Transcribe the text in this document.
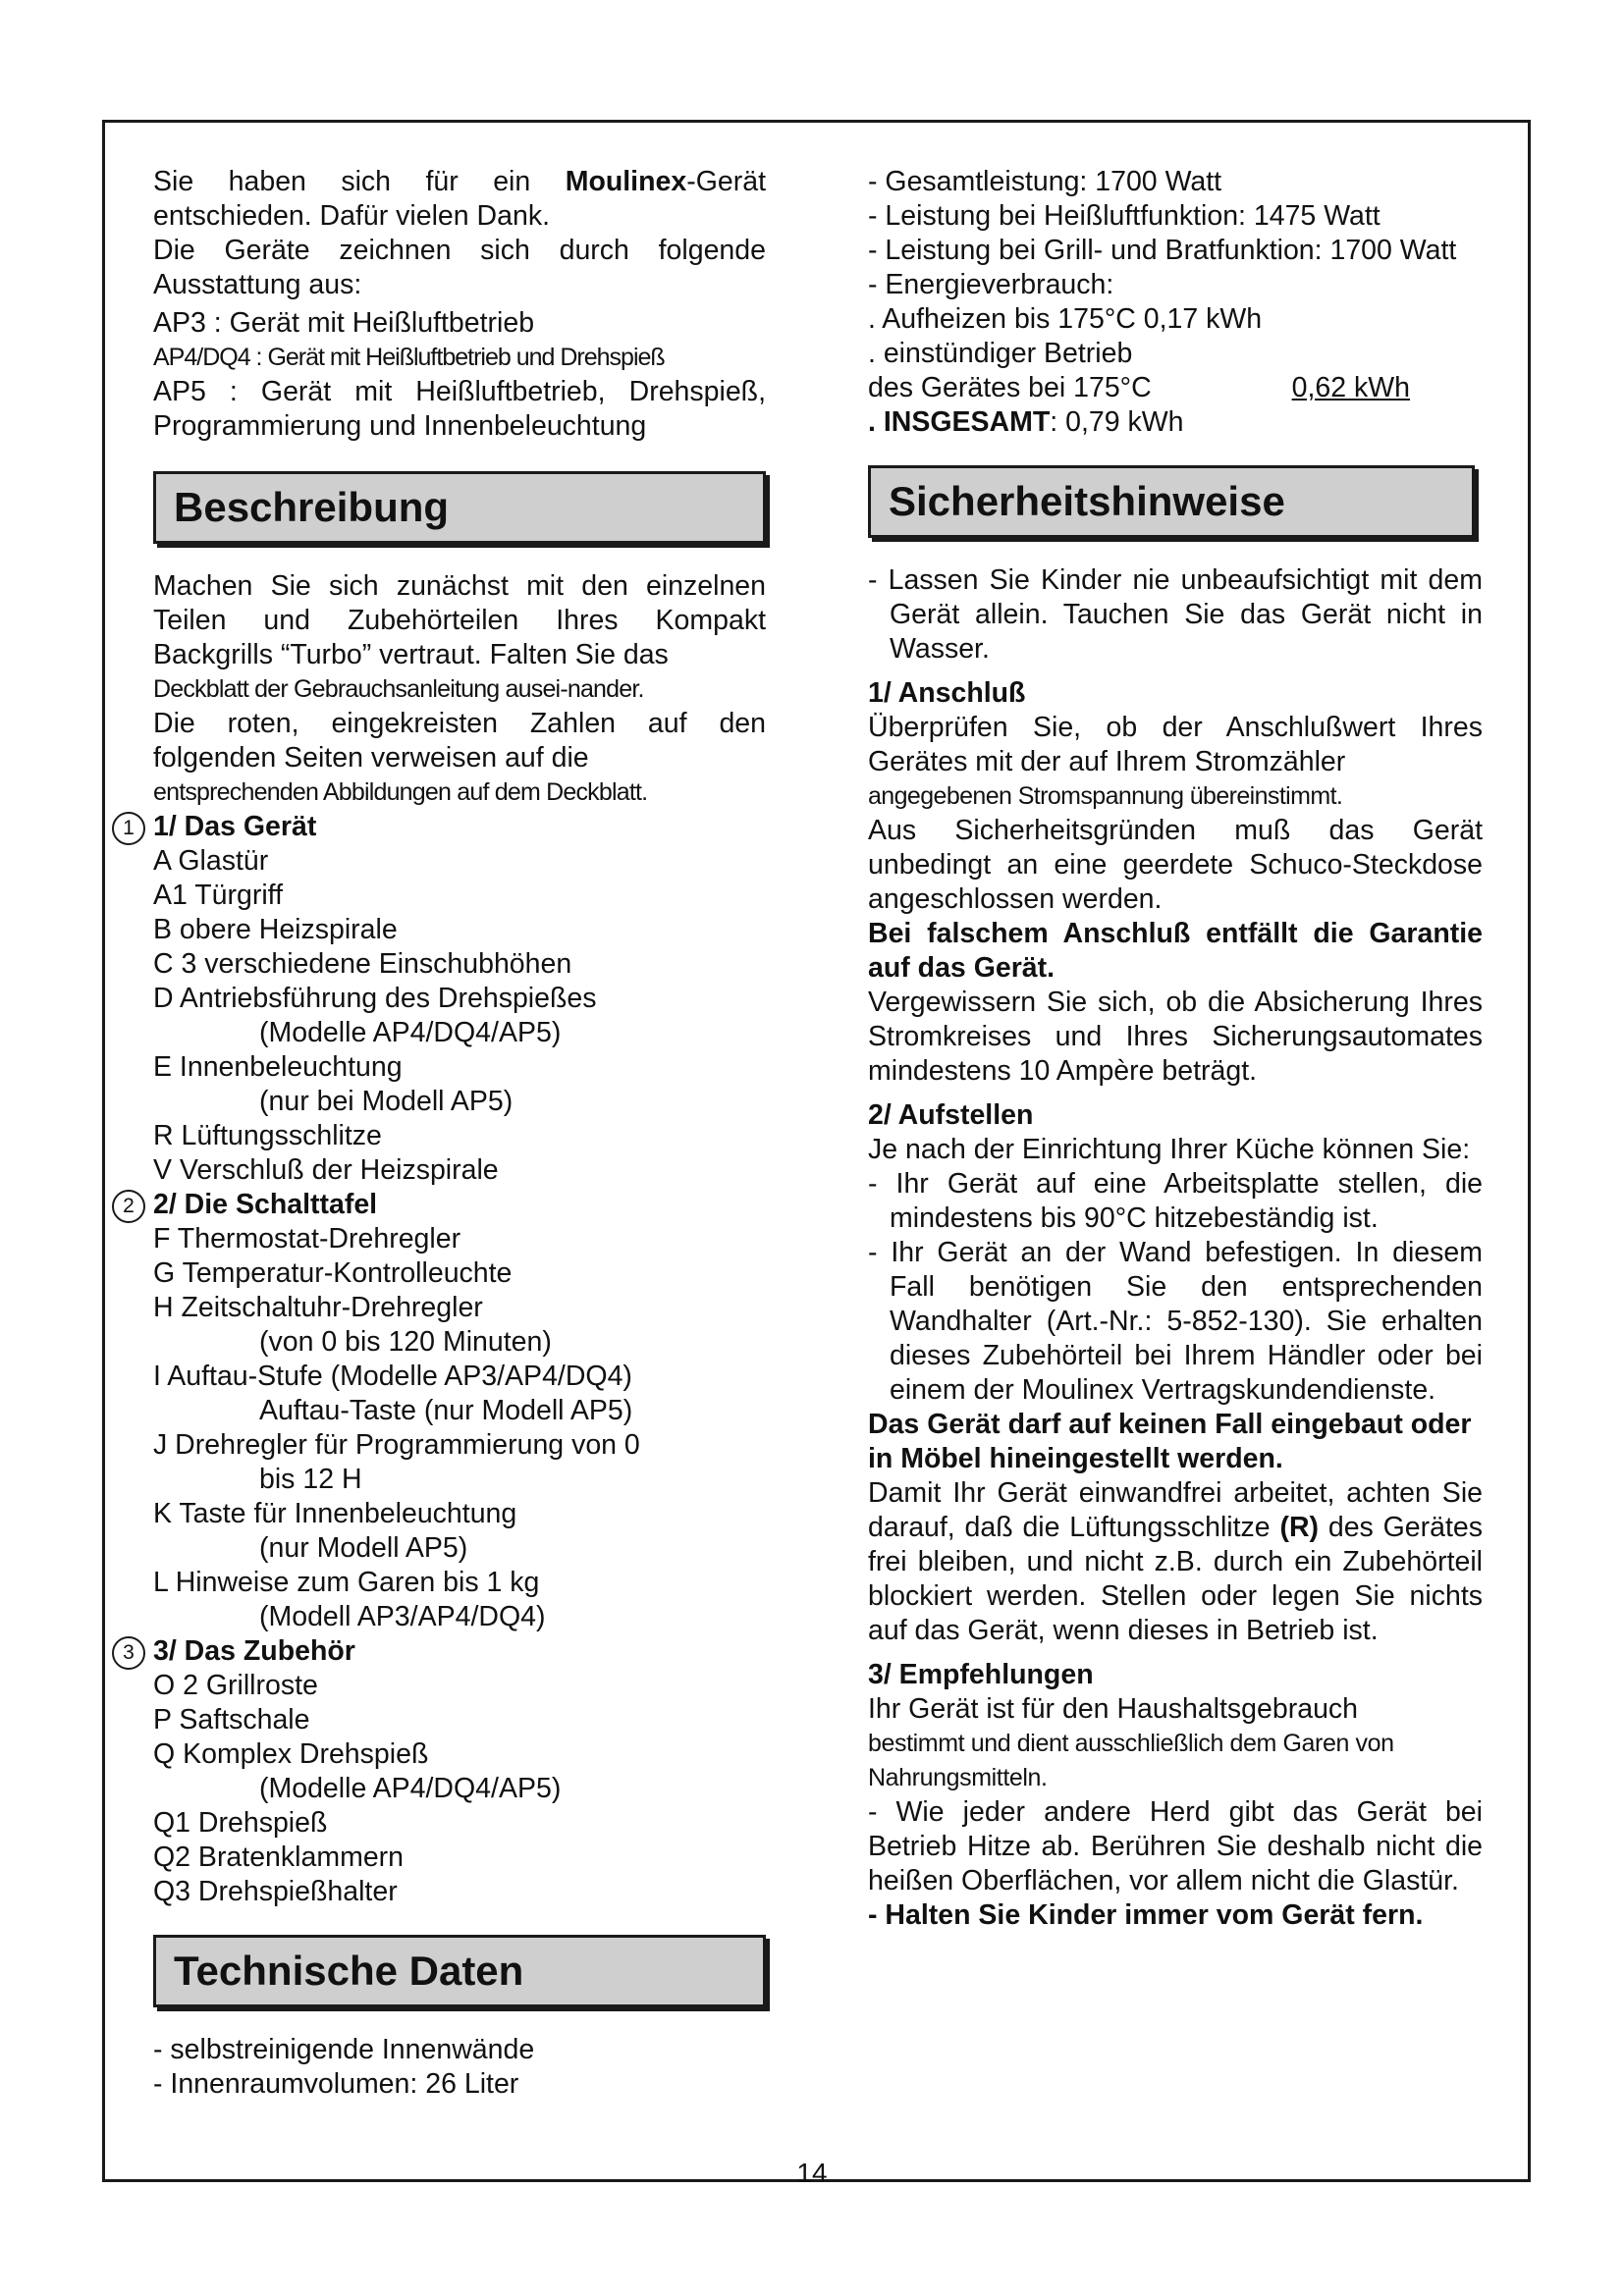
Sie haben sich für ein Moulinex-Gerät entschieden. Dafür vielen Dank.

Die Geräte zeichnen sich durch folgende Ausstattung aus:

AP3 : Gerät mit Heißluftbetrieb

AP4/DQ4 : Gerät mit Heißluftbetrieb und Drehspieß

AP5 : Gerät mit Heißluftbetrieb, Drehspieß, Programmierung und Innenbeleuchtung

Beschreibung

Machen Sie sich zunächst mit den einzelnen Teilen und Zubehörteilen Ihres Kompakt Backgrills “Turbo” vertraut. Falten Sie das

Deckblatt der Gebrauchsanleitung ausei-nander.

Die roten, eingekreisten Zahlen auf den folgenden Seiten verweisen auf die

entsprechenden Abbildungen auf dem Deckblatt.

1 1/ Das Gerät

A Glastür

A1 Türgriff

B obere Heizspirale

C 3 verschiedene Einschubhöhen

D Antriebsführung des Drehspießes

(Modelle AP4/DQ4/AP5)

E Innenbeleuchtung

(nur bei Modell AP5)

R Lüftungsschlitze

V Verschluß der Heizspirale

2 2/ Die Schalttafel

F Thermostat-Drehregler

G Temperatur-Kontrolleuchte

H Zeitschaltuhr-Drehregler

(von 0 bis 120 Minuten)

I Auftau-Stufe (Modelle AP3/AP4/DQ4)

Auftau-Taste (nur Modell AP5)

J Drehregler für Programmierung von 0

bis 12 H

K Taste für Innenbeleuchtung

(nur Modell AP5)

L Hinweise zum Garen bis 1 kg

(Modell AP3/AP4/DQ4)

3 3/ Das Zubehör

O 2 Grillroste

P Saftschale

Q Komplex Drehspieß

(Modelle AP4/DQ4/AP5)

Q1 Drehspieß

Q2 Bratenklammern

Q3 Drehspießhalter

Technische Daten

- selbstreinigende Innenwände

- Innenraumvolumen: 26 Liter

- Gesamtleistung: 1700 Watt

- Leistung bei Heißluftfunktion: 1475 Watt

- Leistung bei Grill- und Bratfunktion: 1700 Watt

- Energieverbrauch:

. Aufheizen bis 175°C 0,17 kWh

. einstündiger Betrieb

des Gerätes bei 175°C	0,62 kWh

. INSGESAMT: 0,79 kWh

Sicherheitshinweise

- Lassen Sie Kinder nie unbeaufsichtigt mit dem Gerät allein. Tauchen Sie das Gerät nicht in Wasser.

1/ Anschluß

Überprüfen Sie, ob der Anschlußwert Ihres Gerätes mit der auf Ihrem Stromzähler

angegebenen Stromspannung übereinstimmt.

Aus Sicherheitsgründen muß das Gerät unbedingt an eine geerdete Schuco-Steckdose angeschlossen werden.

Bei falschem Anschluß entfällt die Garantie auf das Gerät.

Vergewissern Sie sich, ob die Absicherung Ihres Stromkreises und Ihres Sicherungsautomates mindestens 10 Ampère beträgt.

2/ Aufstellen

Je nach der Einrichtung Ihrer Küche können Sie:

- Ihr Gerät auf eine Arbeitsplatte stellen, die mindestens bis 90°C hitzebeständig ist.

- Ihr Gerät an der Wand befestigen. In diesem Fall benötigen Sie den entsprechenden Wandhalter (Art.-Nr.: 5-852-130). Sie erhalten dieses Zubehörteil bei Ihrem Händler oder bei einem der Moulinex Vertragskundendienste.

Das Gerät darf auf keinen Fall eingebaut oder in Möbel hineingestellt werden.

Damit Ihr Gerät einwandfrei arbeitet, achten Sie darauf, daß die Lüftungsschlitze (R) des Gerätes frei bleiben, und nicht z.B. durch ein Zubehörteil blockiert werden. Stellen oder legen Sie nichts auf das Gerät, wenn dieses in Betrieb ist.

3/ Empfehlungen

Ihr Gerät ist für den Haushaltsgebrauch

bestimmt und dient ausschließlich dem Garen von Nahrungsmitteln.

- Wie jeder andere Herd gibt das Gerät bei Betrieb Hitze ab. Berühren Sie deshalb nicht die heißen Oberflächen, vor allem nicht die Glastür.

- Halten Sie Kinder immer vom Gerät fern.

14
